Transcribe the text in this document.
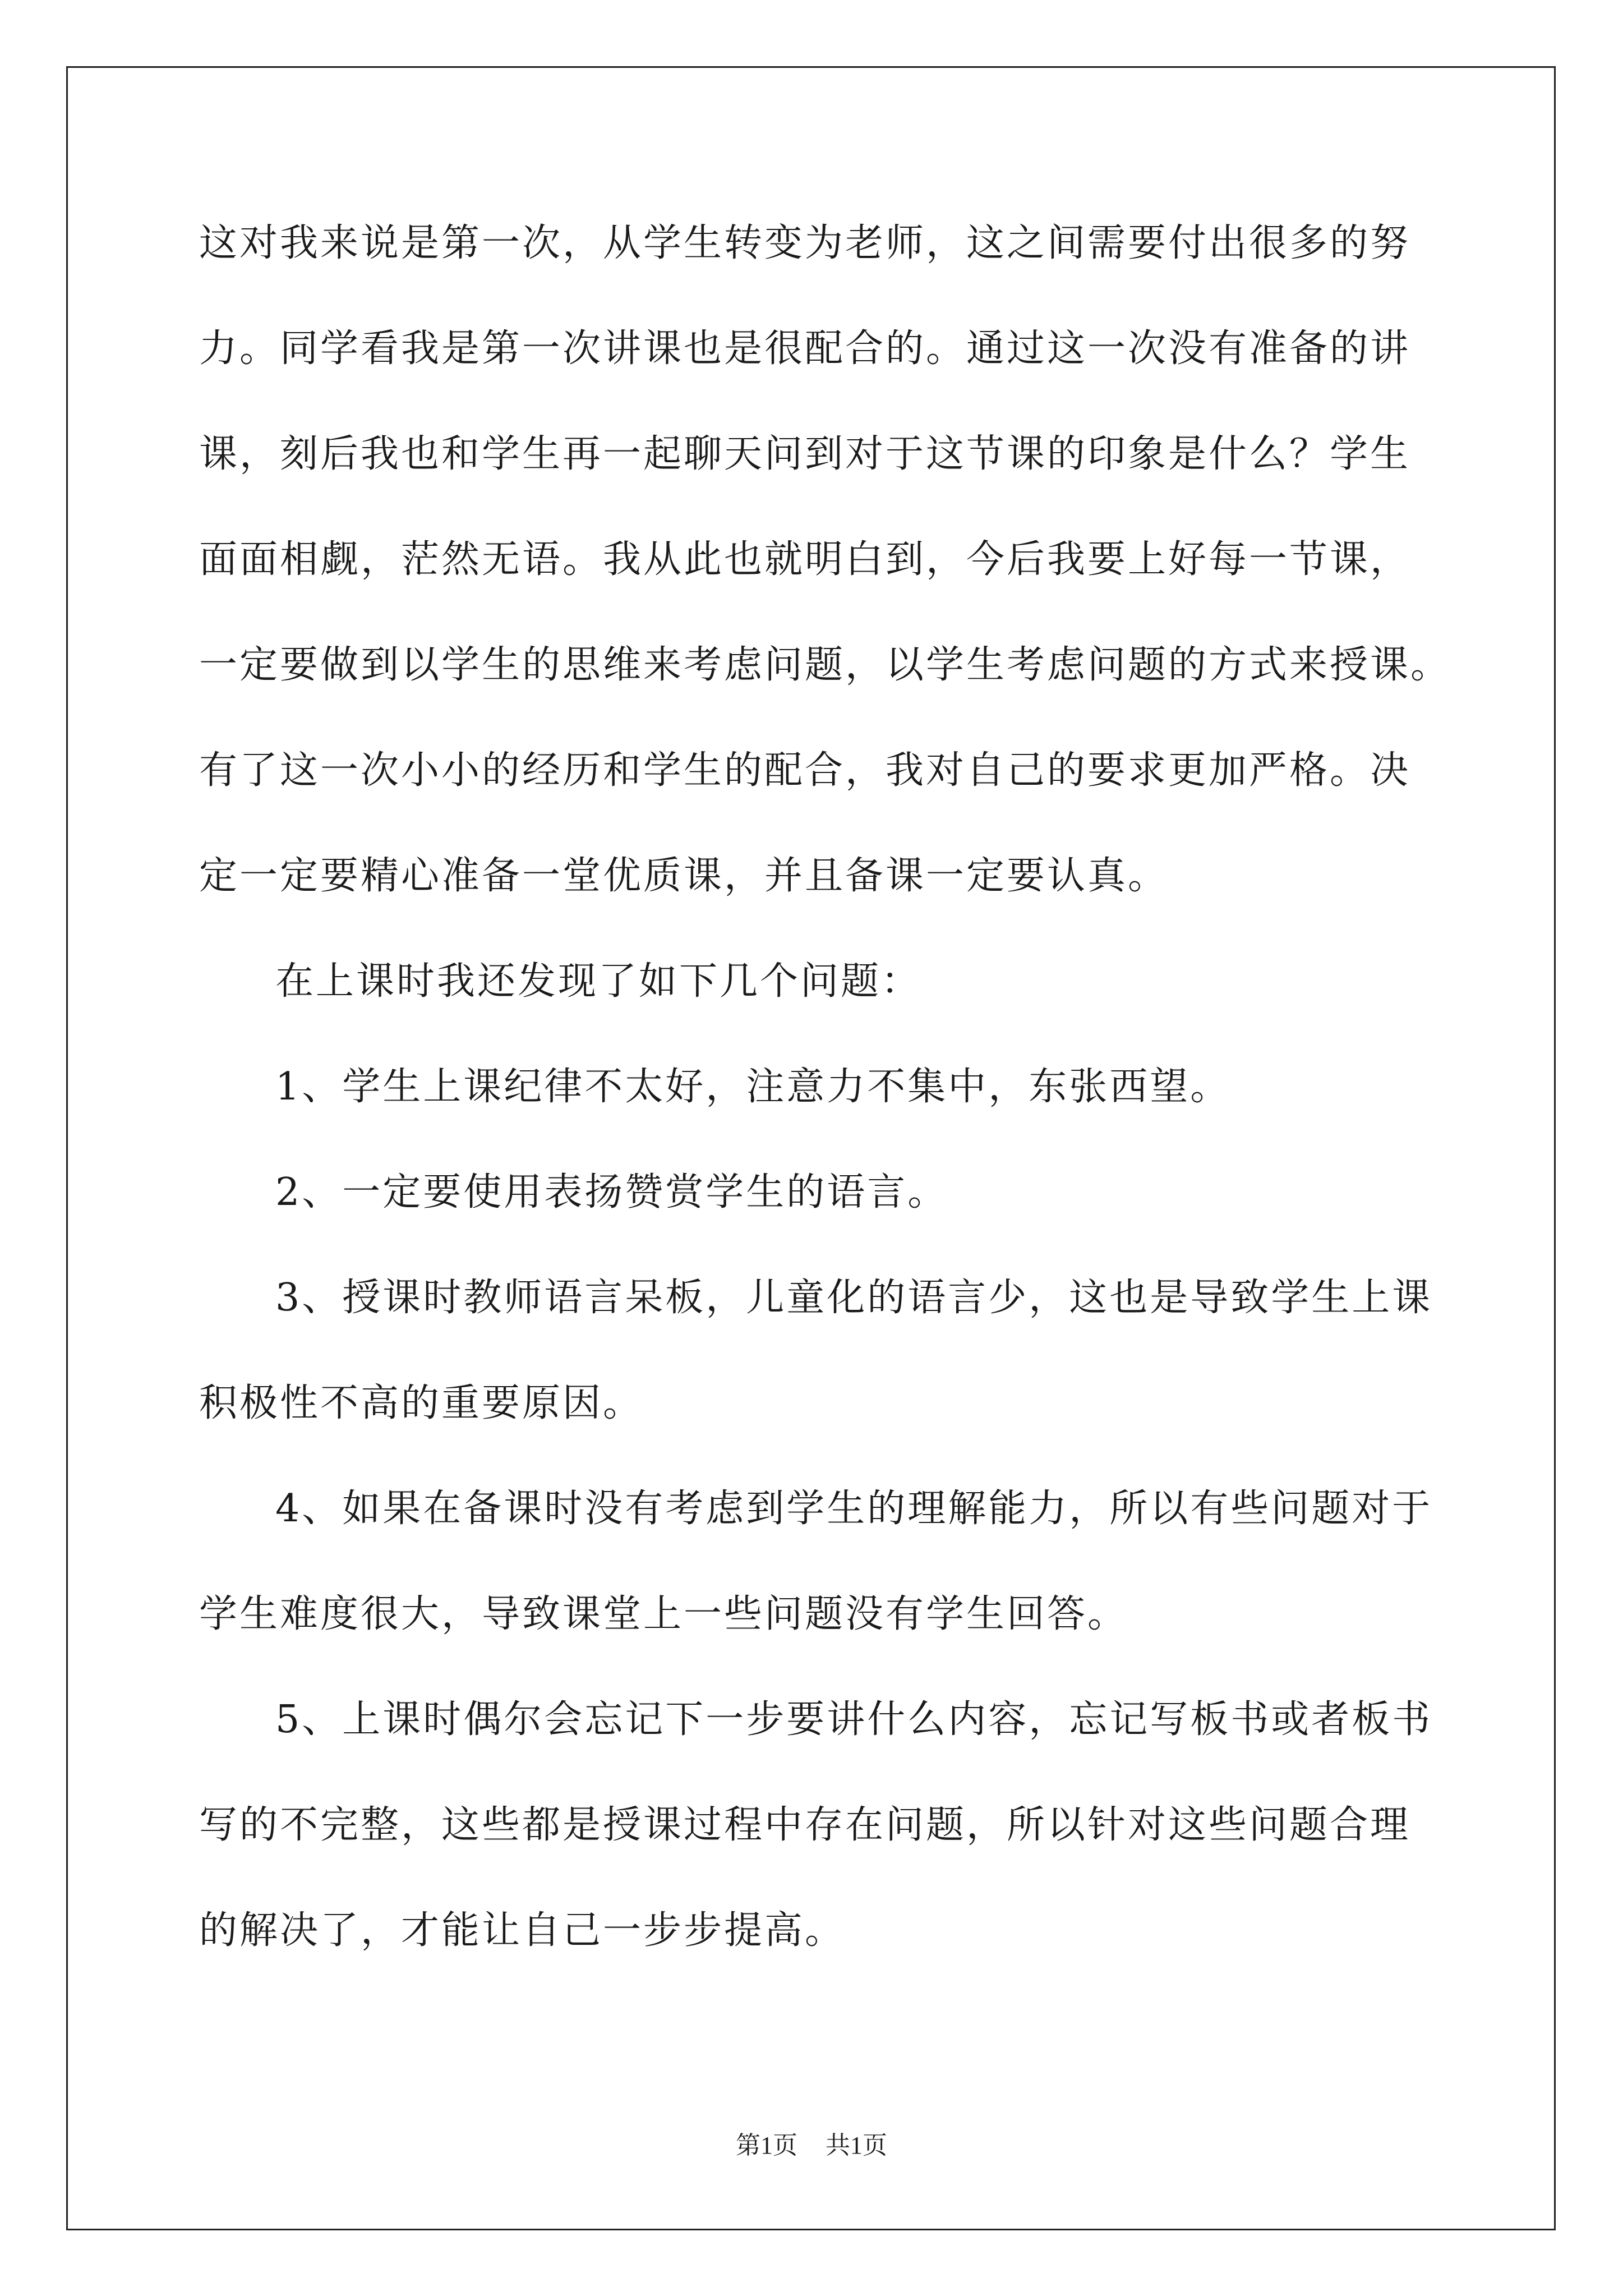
这对我来说是第一次，从学生转变为老师，这之间需要付出很多的努
力。同学看我是第一次讲课也是很配合的。通过这一次没有准备的讲
课，刻后我也和学生再一起聊天问到对于这节课的印象是什么？学生
面面相觑，茫然无语。我从此也就明白到，今后我要上好每一节课，
一定要做到以学生的思维来考虑问题，以学生考虑问题的方式来授课。
有了这一次小小的经历和学生的配合，我对自己的要求更加严格。决
定一定要精心准备一堂优质课，并且备课一定要认真。
在上课时我还发现了如下几个问题：
1、学生上课纪律不太好，注意力不集中，东张西望。
2、一定要使用表扬赞赏学生的语言。
3、授课时教师语言呆板，儿童化的语言少，这也是导致学生上课
积极性不高的重要原因。
4、如果在备课时没有考虑到学生的理解能力，所以有些问题对于
学生难度很大，导致课堂上一些问题没有学生回答。
5、上课时偶尔会忘记下一步要讲什么内容，忘记写板书或者板书
写的不完整，这些都是授课过程中存在问题，所以针对这些问题合理
的解决了，才能让自己一步步提高。
第1页 共1页
